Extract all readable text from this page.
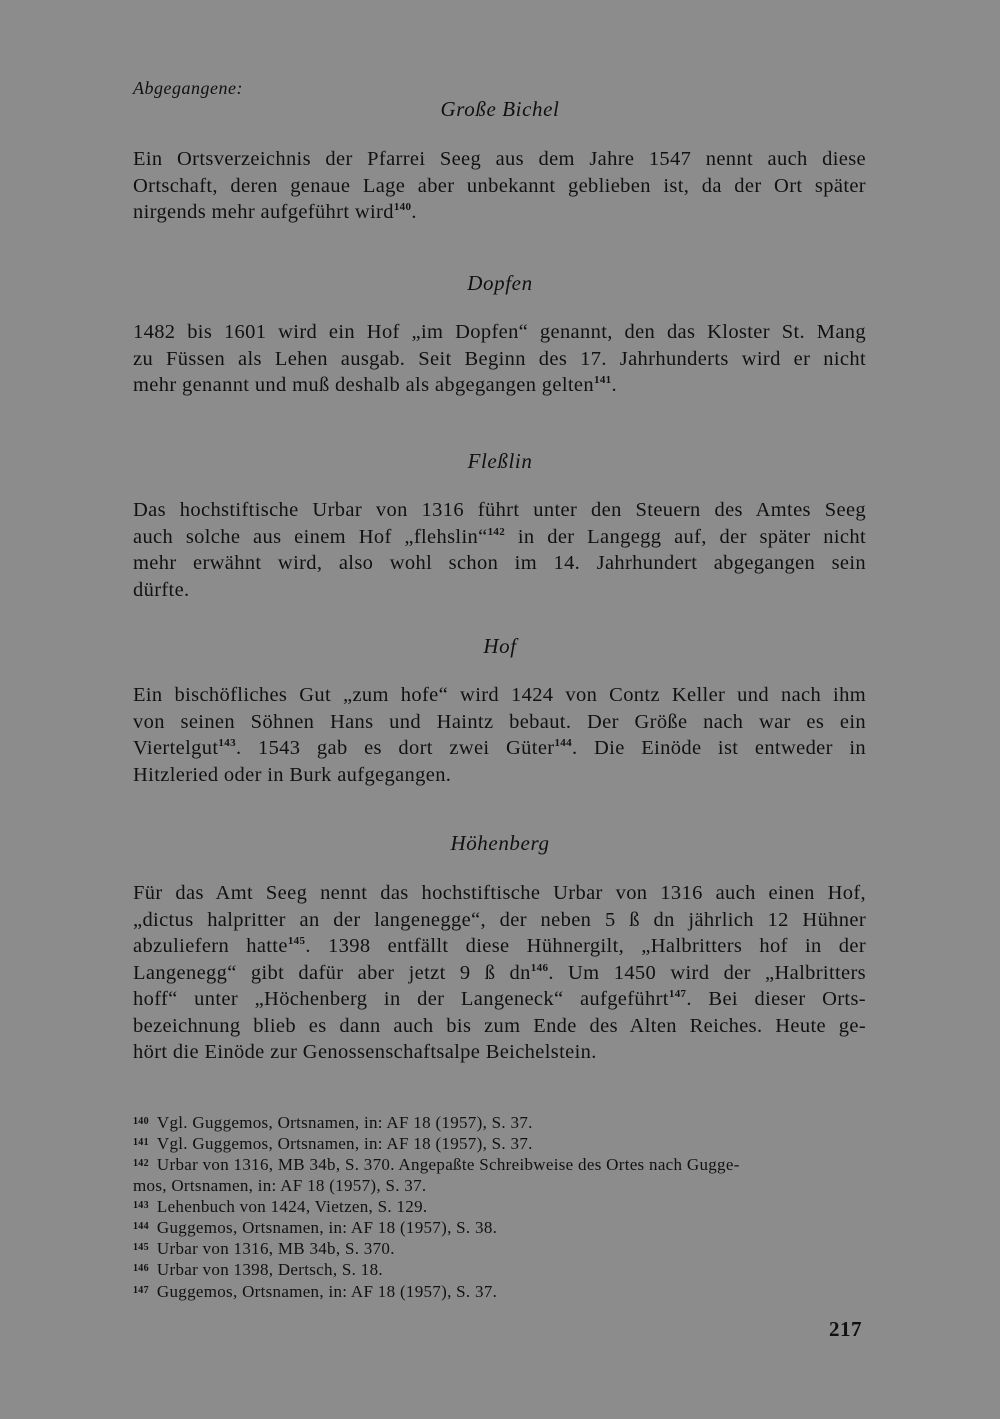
Abgegangene:
Große Bichel
Ein Ortsverzeichnis der Pfarrei Seeg aus dem Jahre 1547 nennt auch diese
Ortschaft, deren genaue Lage aber unbekannt geblieben ist, da der Ort später
nirgends mehr aufgeführt wird$^{140}$.
Dopfen
1482 bis 1601 wird ein Hof „im Dopfen“ genannt, den das Kloster St. Mang
zu Füssen als Lehen ausgab. Seit Beginn des 17. Jahrhunderts wird er nicht
mehr genannt und muß deshalb als abgegangen gelten$^{141}$.
Fleßlin
Das hochstiftische Urbar von 1316 führt unter den Steuern des Amtes Seeg
auch solche aus einem Hof „flehslin“$^{142}$ in der Langegg auf, der später nicht
mehr erwähnt wird, also wohl schon im 14. Jahrhundert abgegangen sein
dürfte.
Hof
Ein bischöfliches Gut „zum hofe“ wird 1424 von Contz Keller und nach ihm
von seinen Söhnen Hans und Haintz bebaut. Der Größe nach war es ein
Viertelgut$^{143}$. 1543 gab es dort zwei Güter$^{144}$. Die Einöde ist entweder in
Hitzleried oder in Burk aufgegangen.
Höhenberg
Für das Amt Seeg nennt das hochstiftische Urbar von 1316 auch einen Hof,
„dictus halpritter an der langenegge“, der neben 5 ß dn jährlich 12 Hühner
abzuliefern hatte$^{145}$. 1398 entfällt diese Hühnergilt, „Halbritters hof in der
Langenegg“ gibt dafür aber jetzt 9 ß $dn^{146}$. Um 1450 wird der „Halbritters
hoff“ unter „Höchenberg in der Langeneck“ aufgeführt$^{147}$. Bei dieser Orts-
bezeichnung blieb es dann auch bis zum Ende des Alten Reiches. Heute ge-
hört die Einöde zur Genossenschaftsalpe Beichelstein.
$^{140}$ Vgl. Guggemos, Ortsnamen, in: AF 18 (1957), S. 37.
$^{141}$ Vgl. Guggemos, Ortsnamen, in: AF 18 (1957), S. 37.
$^{142}$ Urbar von 1316, MB 34b, S. 370. Angepaßte Schreibweise des Ortes nach Gugge-
mos, Ortsnamen, in: AF 18 (1957), S. 37.
$^{143}$ Lehenbuch von 1424, Vietzen, S. 129.
$^{144}$ Guggemos, Ortsnamen, in: AF 18 (1957), S. 38.
$^{145}$ Urbar von 1316, MB 34b, S. 370.
$^{146}$ Urbar von 1398, Dertsch, S. 18.
$^{147}$ Guggemos, Ortsnamen, in: AF 18 (1957), S. 37.
217
